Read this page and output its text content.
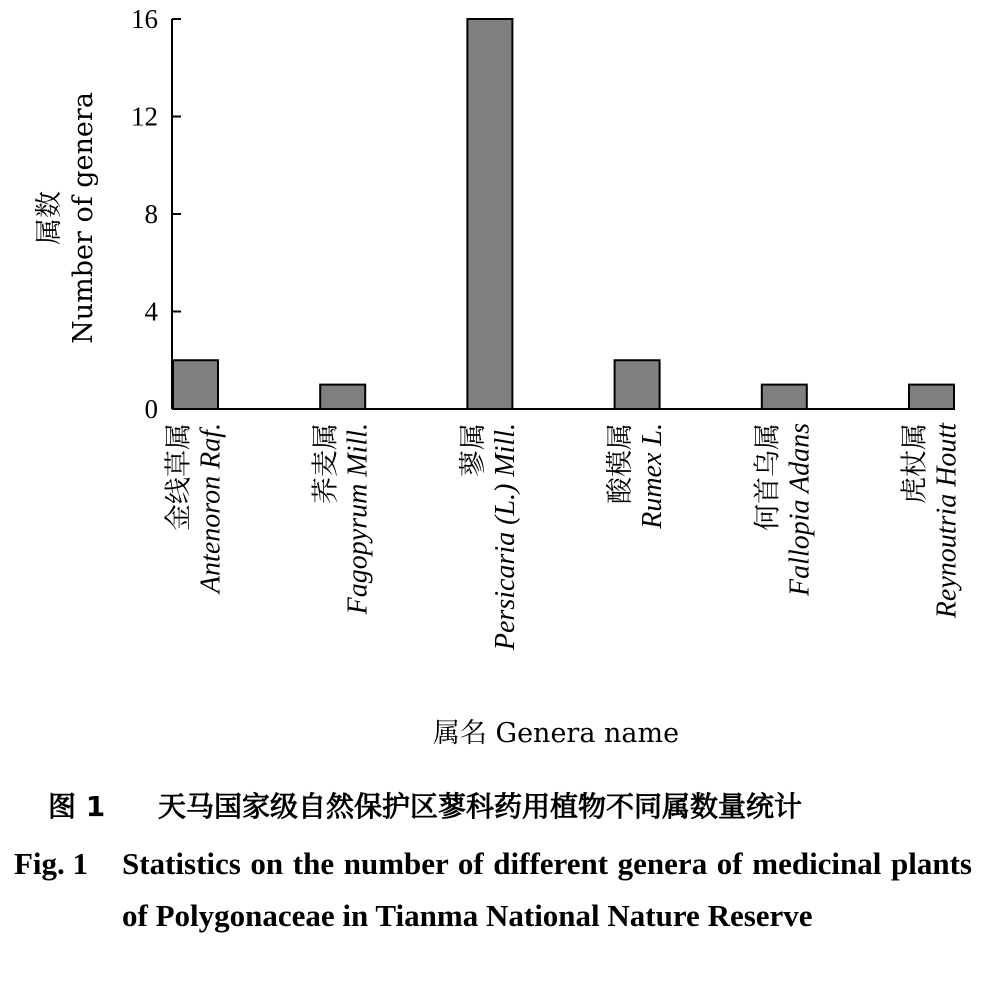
0
4
8
12
16
金线草属 Antenoron Raf.	荞麦属 Fagopyrum Mill.	蓼属 Persicaria (L.) Mill.	酸模属 Rumex L.	何首乌属 Fallopia Adans	虎杖属 Reynoutria Houtt
属数 Number of genera
属名 Genera name
图 1 天马国家级自然保护区蓼科药用植物不同属数量统计
Fig. 1 Statistics on the number of different genera of medicinal plants of Polygonaceae in Tianma National Nature Reserve
